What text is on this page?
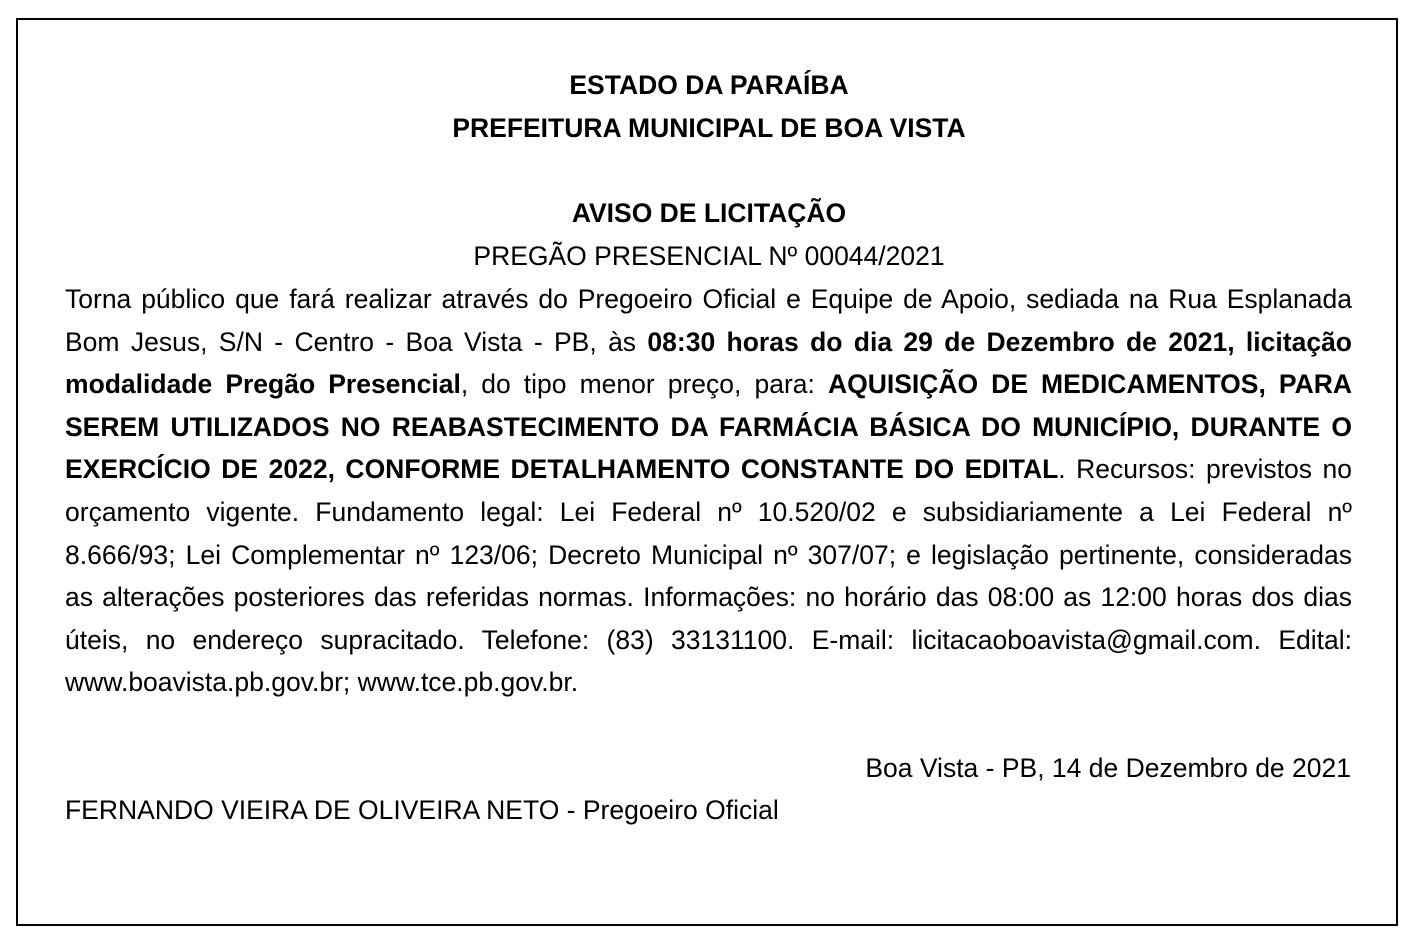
ESTADO DA PARAÍBA
PREFEITURA MUNICIPAL DE BOA VISTA
AVISO DE LICITAÇÃO
PREGÃO PRESENCIAL Nº 00044/2021

Torna público que fará realizar através do Pregoeiro Oficial e Equipe de Apoio, sediada na Rua Esplanada Bom Jesus, S/N - Centro - Boa Vista - PB, às 08:30 horas do dia 29 de Dezembro de 2021, licitação modalidade Pregão Presencial, do tipo menor preço, para: AQUISIÇÃO DE MEDICAMENTOS, PARA SEREM UTILIZADOS NO REABASTECIMENTO DA FARMÁCIA BÁSICA DO MUNICÍPIO, DURANTE O EXERCÍCIO DE 2022, CONFORME DETALHAMENTO CONSTANTE DO EDITAL. Recursos: previstos no orçamento vigente. Fundamento legal: Lei Federal nº 10.520/02 e subsidiariamente a Lei Federal nº 8.666/93; Lei Complementar nº 123/06; Decreto Municipal nº 307/07; e legislação pertinente, consideradas as alterações posteriores das referidas normas. Informações: no horário das 08:00 as 12:00 horas dos dias úteis, no endereço supracitado. Telefone: (83) 33131100. E-mail: licitacaoboavista@gmail.com. Edital: www.boavista.pb.gov.br; www.tce.pb.gov.br.

Boa Vista - PB, 14 de Dezembro de 2021
FERNANDO VIEIRA DE OLIVEIRA NETO - Pregoeiro Oficial
